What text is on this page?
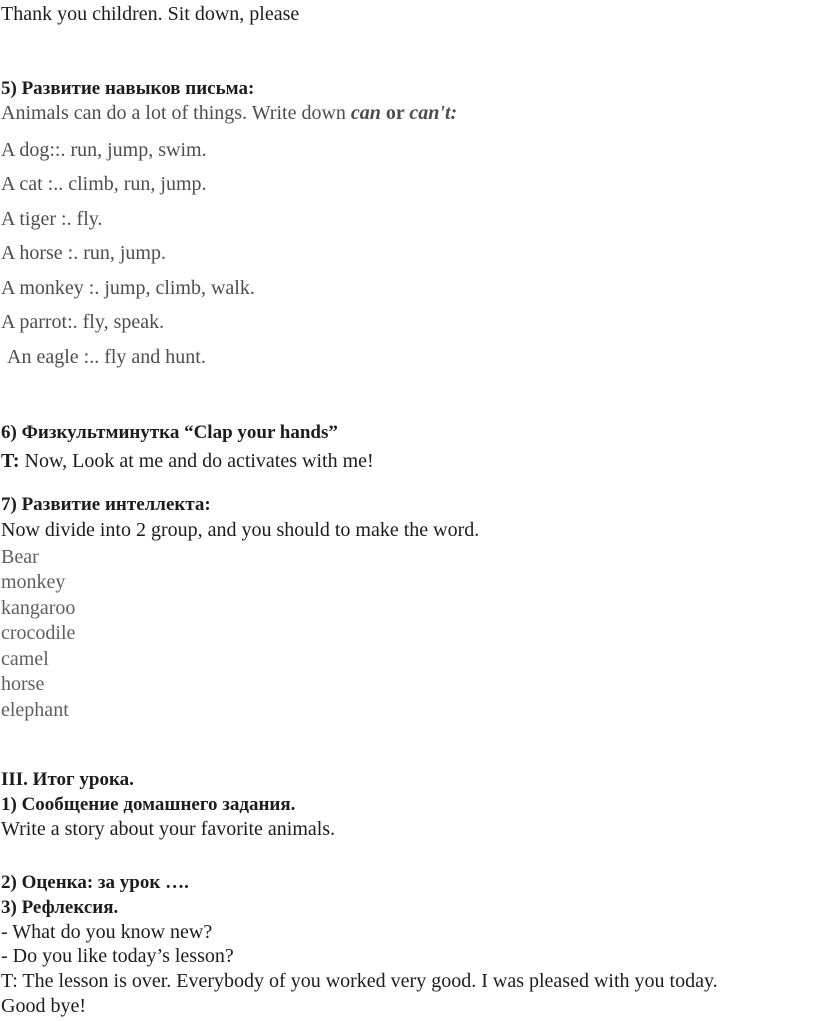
Thank you children. Sit down, please
5) Развитие навыков письма:
Animals can do a lot of things. Write down can or can't:
A dog::. run, jump, swim.
A cat :.. climb, run, jump.
A tiger :. fly.
A horse :. run, jump.
A monkey :. jump, climb, walk.
A parrot:. fly, speak.
An eagle :.. fly and hunt.
6) Физкультминутка “Clap your hands”
T: Now, Look at me and do activates with me!
7) Развитие интеллекта:
Now divide into 2 group, and you should to make the word.
Bear
monkey
kangaroo
crocodile
camel
horse
elephant
III. Итог урока.
1) Сообщение домашнего задания.
Write a story about your favorite animals.
2) Оценка: за урок ….
3) Рефлексия.
- What do you know new?
- Do you like today’s lesson?
T: The lesson is over. Everybody of you worked very good. I was pleased with you today.
Good bye!
